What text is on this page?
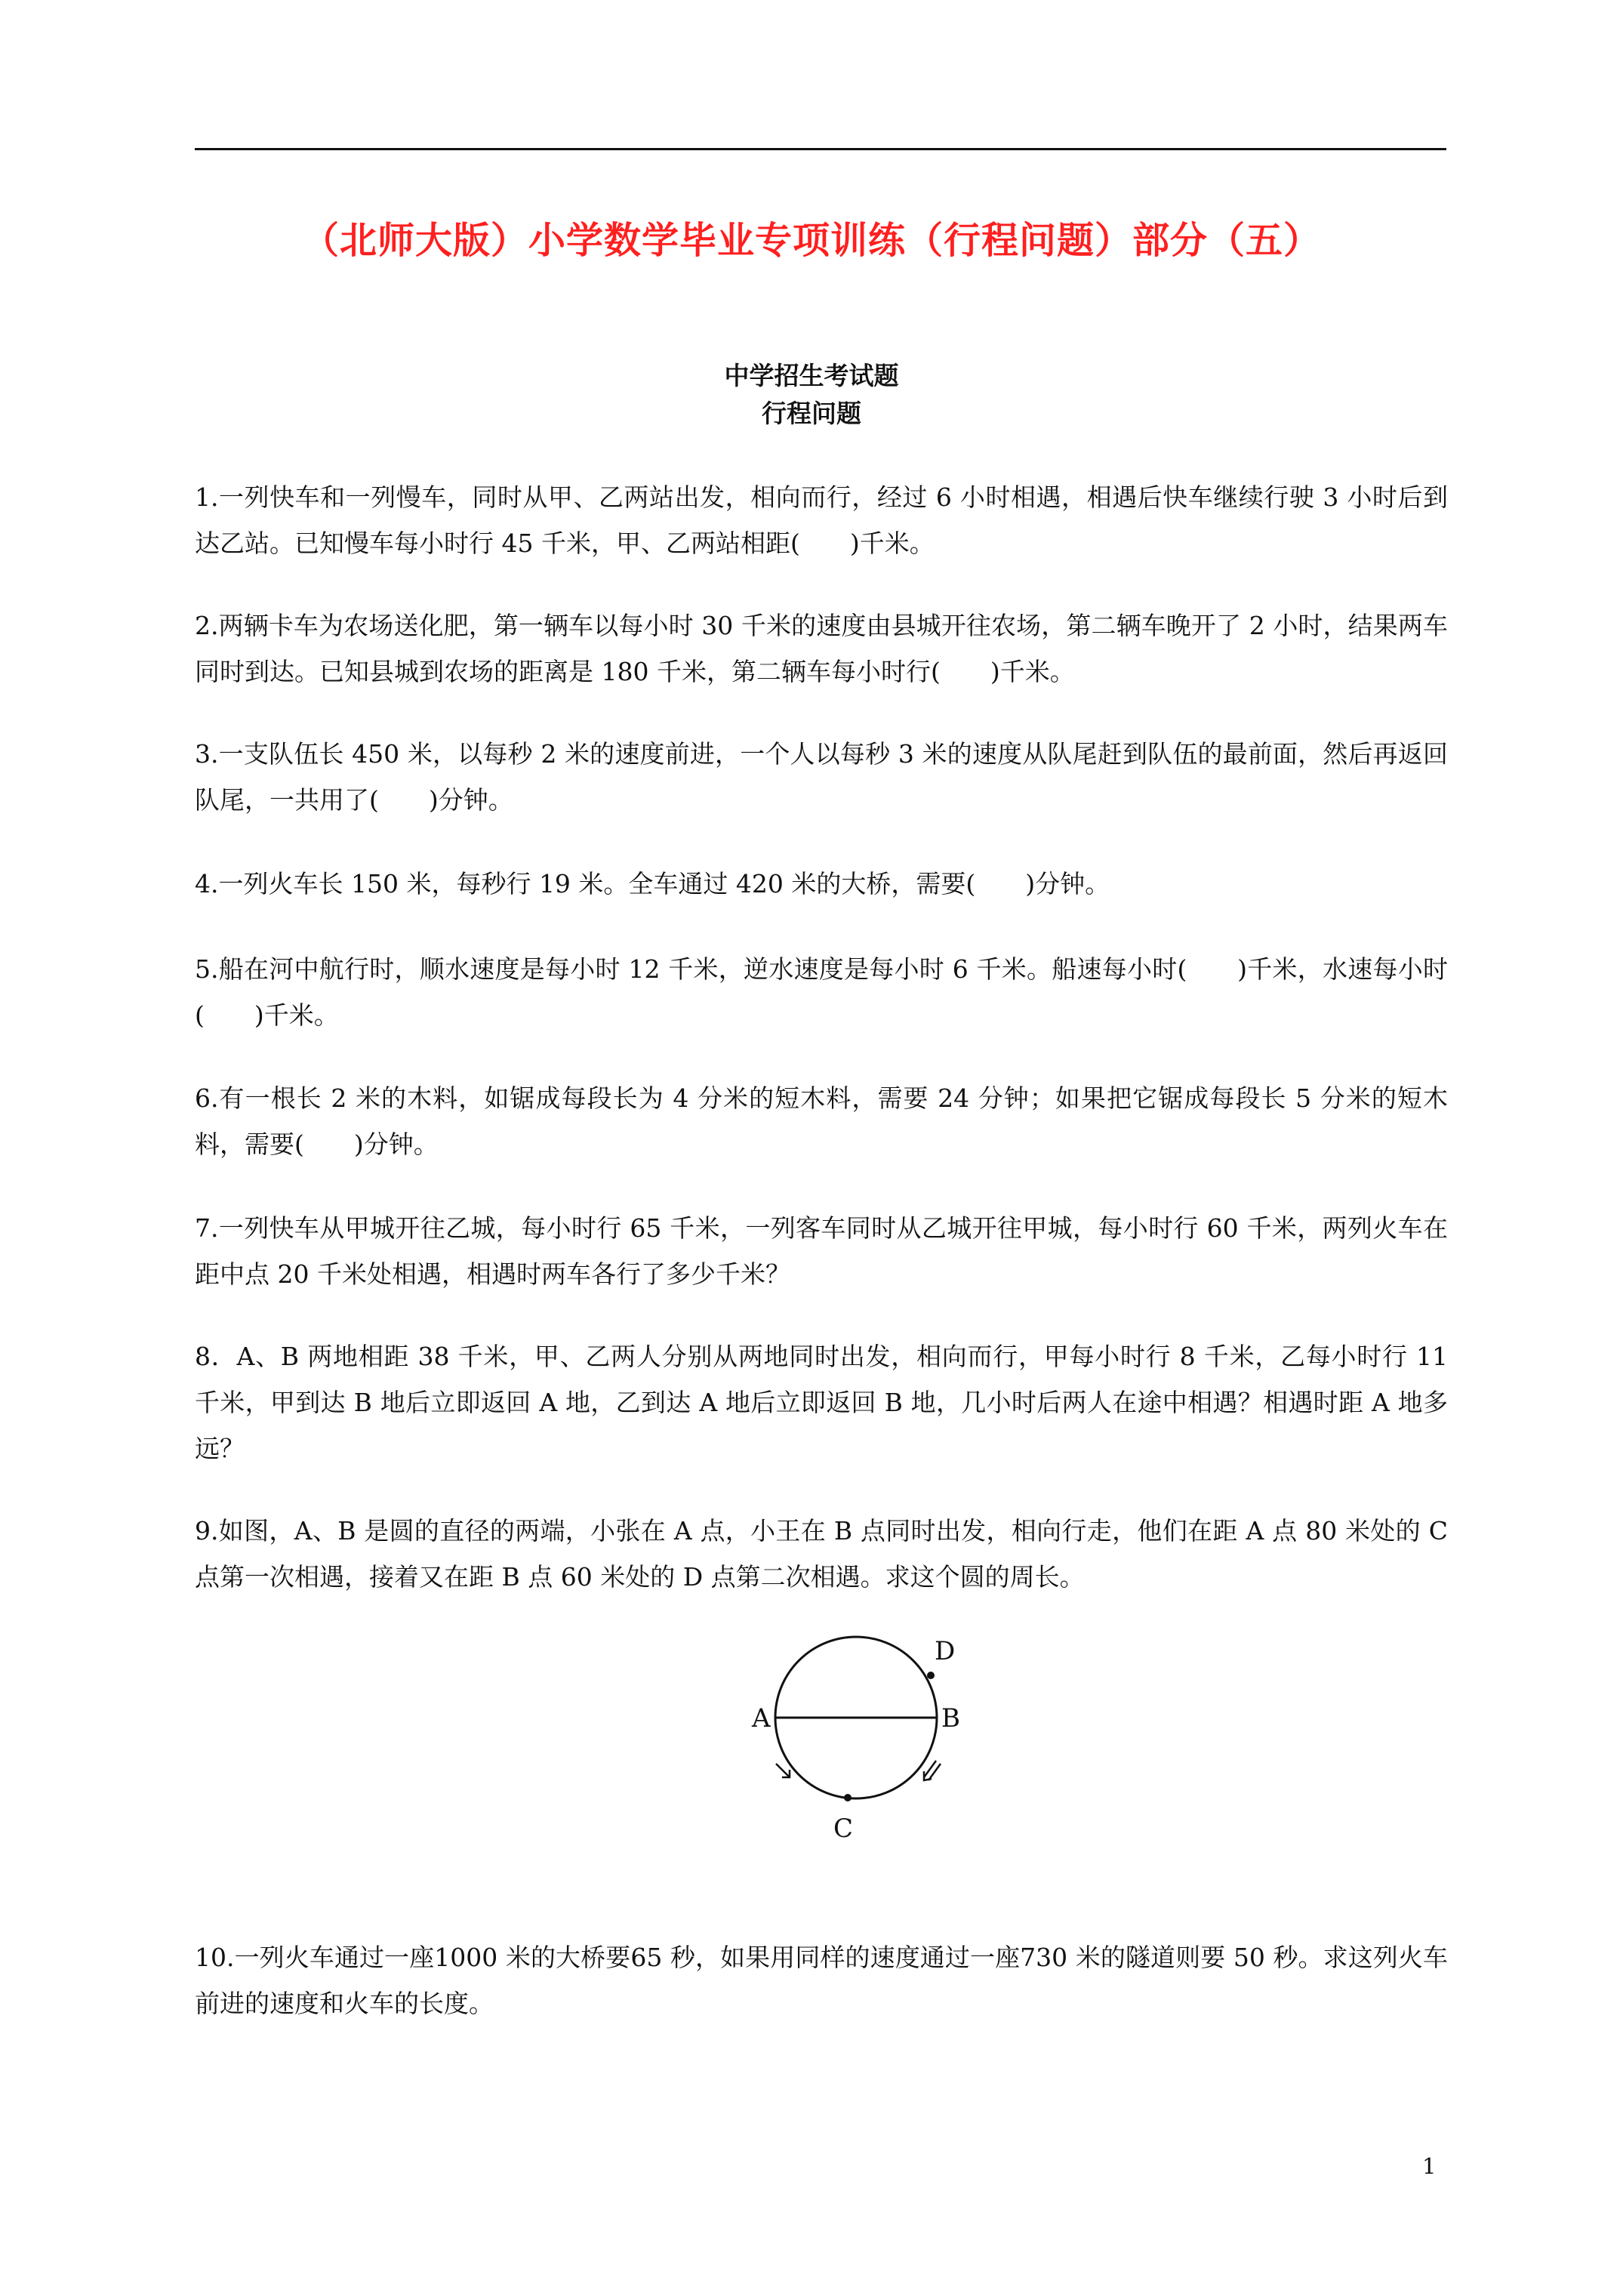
（北师大版）小学数学毕业专项训练（行程问题）部分（五）
中学招生考试题
行程问题

1.一列快车和一列慢车，同时从甲、乙两站出发，相向而行，经过 6 小时相遇，相遇后快车继续行驶 3 小时后到达乙站。已知慢车每小时行 45 千米，甲、乙两站相距(　　)千米。

2.两辆卡车为农场送化肥，第一辆车以每小时 30 千米的速度由县城开往农场，第二辆车晚开了 2 小时，结果两车同时到达。已知县城到农场的距离是 180 千米，第二辆车每小时行(　　)千米。

3.一支队伍长 450 米，以每秒 2 米的速度前进，一个人以每秒 3 米的速度从队尾赶到队伍的最前面，然后再返回队尾，一共用了(　　)分钟。

4.一列火车长 150 米，每秒行 19 米。全车通过 420 米的大桥，需要(　　)分钟。

5.船在河中航行时，顺水速度是每小时 12 千米，逆水速度是每小时 6 千米。船速每小时(　　)千米，水速每小时(　　)千米。

6.有一根长 2 米的木料，如锯成每段长为 4 分米的短木料，需要 24 分钟；如果把它锯成每段长 5 分米的短木料，需要(　　)分钟。

7.一列快车从甲城开往乙城，每小时行 65 千米，一列客车同时从乙城开往甲城，每小时行 60 千米，两列火车在距中点 20 千米处相遇，相遇时两车各行了多少千米？

8．A、B 两地相距 38 千米，甲、乙两人分别从两地同时出发，相向而行，甲每小时行 8 千米，乙每小时行 11 千米，甲到达 B 地后立即返回 A 地，乙到达 A 地后立即返回 B 地，几小时后两人在途中相遇？相遇时距 A 地多远？

9.如图，A、B 是圆的直径的两端，小张在 A 点，小王在 B 点同时出发，相向行走，他们在距 A 点 80 米处的 C 点第一次相遇，接着又在距 B 点 60 米处的 D 点第二次相遇。求这个圆的周长。

A	B
C
D

10.一列火车通过一座1000 米的大桥要65 秒，如果用同样的速度通过一座730 米的隧道则要 50 秒。求这列火车前进的速度和火车的长度。

1
